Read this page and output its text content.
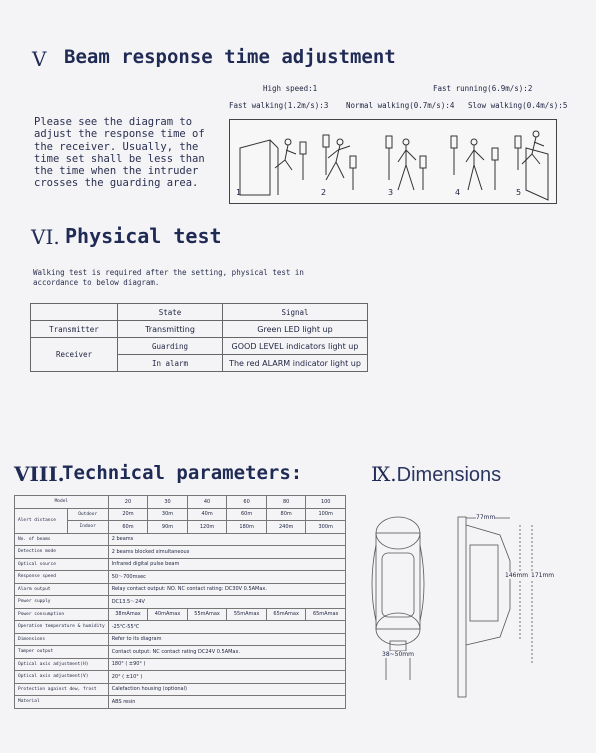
V Beam response time adjustment
Please see the diagram to
adjust the response time of
the receiver. Usually, the
time set shall be less than
the time when the intruder
crosses the guarding area.
High speed:1	Fast running(6.9m/s):2
Fast walking(1.2m/s):3 Normal walking(0.7m/s):4 Slow walking(0.4m/s):5
1	2	3	4	5
VI. Physical test
Walking test is required after the setting, physical test in
accordance to below diagram.
	State	Signal
Transmitter	Transmitting	Green LED light up
Receiver	Guarding	GOOD LEVEL indicators light up
	In alarm	The red ALARM indicator light up
VIII.
Technical parameters:
Model		20	30	40	60	80	100
Alert distance	Outdoor	20m	30m	40m	60m	80m	100m
	Indoor	60m	90m	120m	180m	240m	300m
No. of beams		2 beams					
Detection mode		2 beams blocked simultaneous					
Optical source		Infrared digital pulse beam					
Response speed		50～700msec					
Alarm output		Relay contact output: NO. NC contact rating: DC30V 0.5AMax.					
Power supply		DC13.5～24V					
Power consumption		38mAmax	40mAmax	55mAmax	55mAmax	65mAmax	65mAmax
Operation temperature & humidity		-25℃-55℃					
Dimensions		Refer to its diagram					
Tamper output		Contact output: NC contact rating DC24V 0.5AMax.					
Optical axis adjustment(H)		180° ( ±90° )					
Optical axis adjustment(V)		20° ( ±10° )					
Protection against dew, frost		Calefaction housing (optional)					
Material		ABS resin					
Ⅸ.Dimensions
77mm
146mm 171mm
38~50mm
